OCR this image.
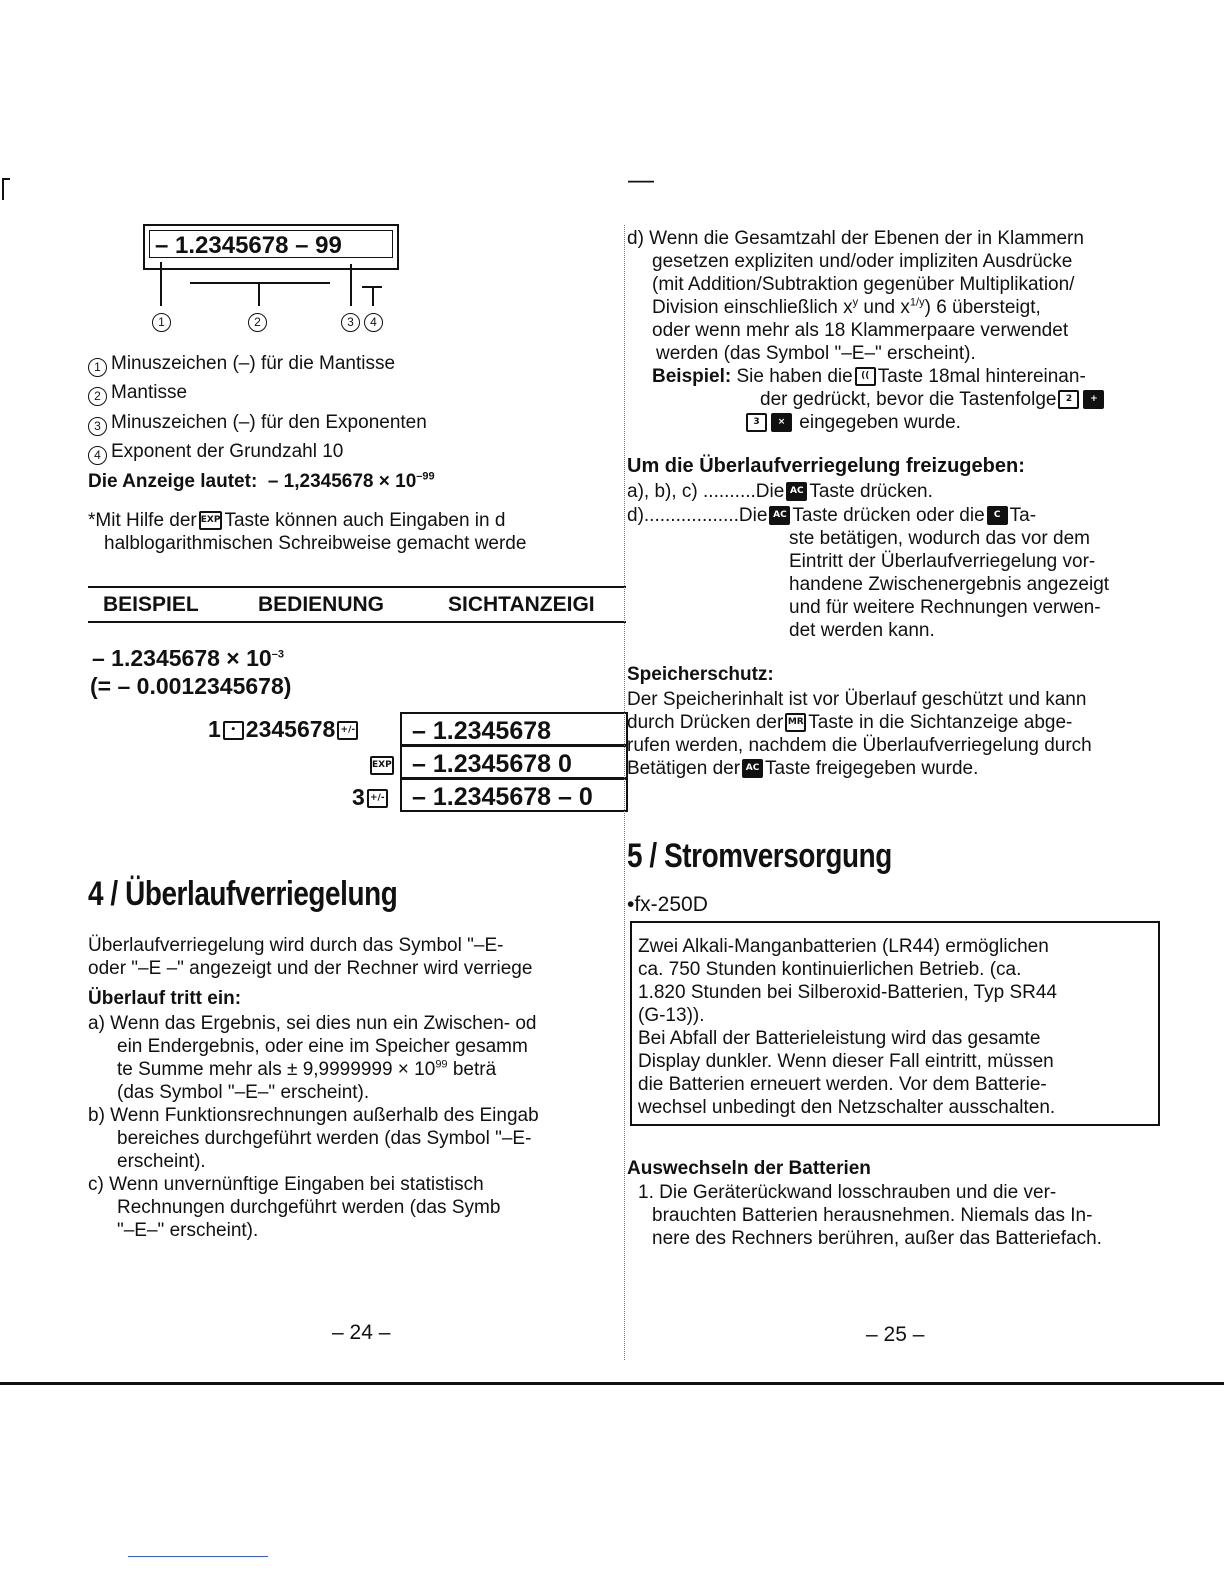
– 1.2345678 – 99
1	2	3 4
1 Minuszeichen (–) für die Mantisse
2 Mantisse
3 Minuszeichen (–) für den Exponenten
4 Exponent der Grundzahl 10
Die Anzeige lautet: – $1,2345678 \times 10^{-99}$
*Mit Hilfe der EXP Taste können auch Eingaben in d
halblogarithmischen Schreibweise gemacht werde
BEISPIEL	BEDIENUNG	SICHTANZEIGI
– $1.2345678 \times 10^{-3}$
(= – 0.0012345678)
1 • 2345678 +/-	– 1.2345678
EXP – 1.2345678 0
3 +/-	– 1.2345678 – 0
4 / Überlaufverriegelung
Überlaufverriegelung wird durch das Symbol "–E-
oder "–E –" angezeigt und der Rechner wird verriege
Überlauf tritt ein:
a) Wenn das Ergebnis, sei dies nun ein Zwischen- od
ein Endergebnis, oder eine im Speicher gesamm
te Summe mehr als ± $9,9999999 \times 10^{99}$ beträ
(das Symbol "–E–" erscheint).
b) Wenn Funktionsrechnungen außerhalb des Eingab
bereiches durchgeführt werden (das Symbol "–E-
erscheint).
c) Wenn unvernünftige Eingaben bei statistisch
Rechnungen durchgeführt werden (das Symb
"–E–" erscheint).
– 24 –
—
d) Wenn die Gesamtzahl der Ebenen der in Klammern
gesetzen expliziten und/oder impliziten Ausdrücke
(mit Addition/Subtraktion gegenüber Multiplikation/
Division einschließlich $x^y$ und $x^{1/y}$) 6 übersteigt,
oder wenn mehr als 18 Klammerpaare verwendet
werden (das Symbol "–E–" erscheint).
Beispiel: Sie haben die (( Taste 18mal hintereinan-
der gedrückt, bevor die Tastenfolge 2 +
3 × eingegeben wurde.
Um die Überlaufverriegelung freizugeben:
a), b), c) ..........Die AC Taste drücken.
d)..................Die AC Taste drücken oder die C Ta-
ste betätigen, wodurch das vor dem
Eintritt der Überlaufverriegelung vor-
handene Zwischenergebnis angezeigt
und für weitere Rechnungen verwen-
det werden kann.
Speicherschutz:
Der Speicherinhalt ist vor Überlauf geschützt und kann
durch Drücken der MR Taste in die Sichtanzeige abge-
rufen werden, nachdem die Überlaufverriegelung durch
Betätigen der AC Taste freigegeben wurde.
5 / Stromversorgung
•fx-250D
Zwei Alkali-Manganbatterien (LR44) ermöglichen
ca. 750 Stunden kontinuierlichen Betrieb. (ca.
1.820 Stunden bei Silberoxid-Batterien, Typ SR44
(G-13)).
Bei Abfall der Batterieleistung wird das gesamte
Display dunkler. Wenn dieser Fall eintritt, müssen
die Batterien erneuert werden. Vor dem Batterie-
wechsel unbedingt den Netzschalter ausschalten.
Auswechseln der Batterien
1. Die Geräterückwand losschrauben und die ver-
brauchten Batterien herausnehmen. Niemals das In-
nere des Rechners berühren, außer das Batteriefach.
– 25 –
